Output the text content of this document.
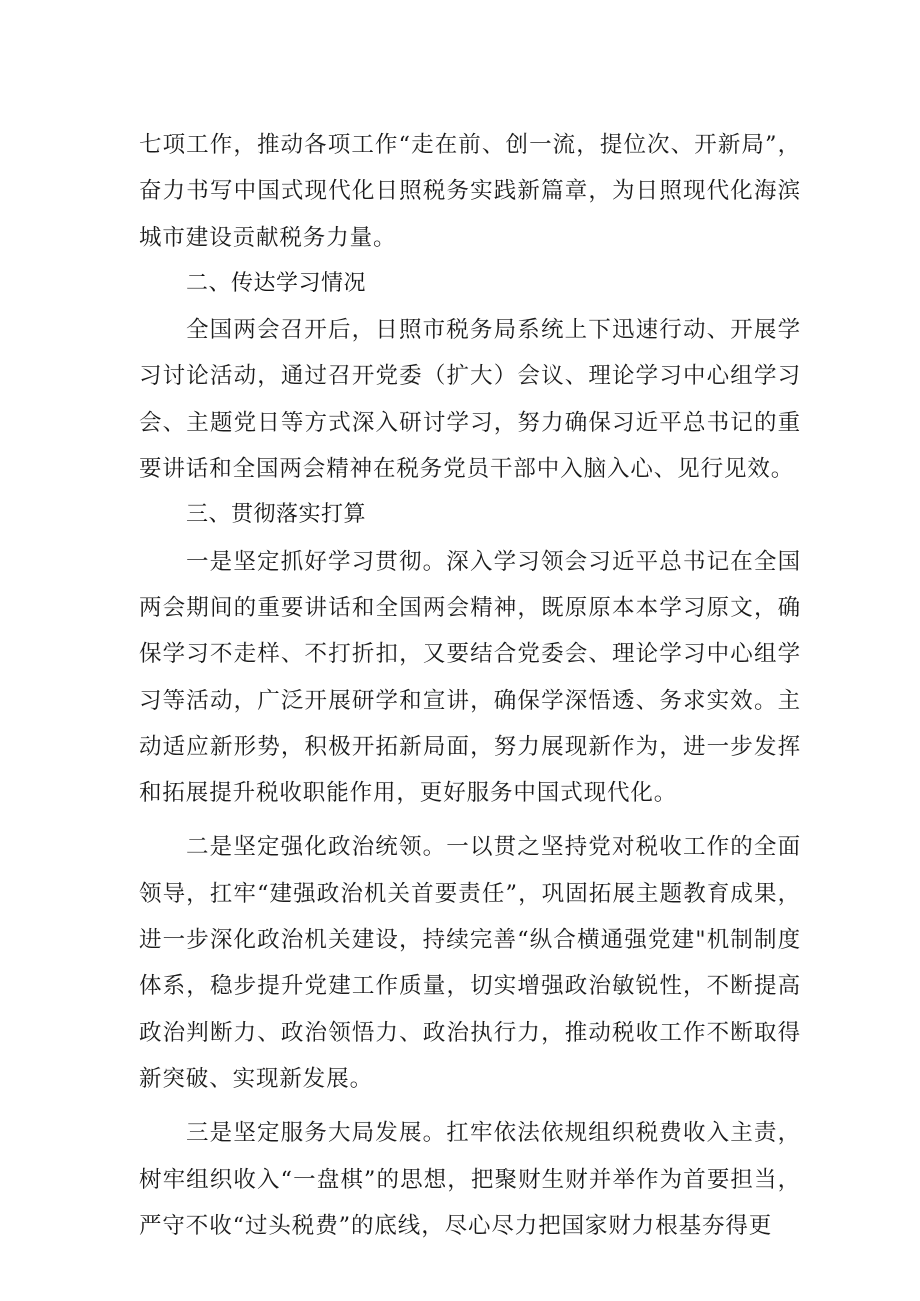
七项工作，推动各项工作“走在前、创一流，提位次、开新局”，奋力书写中国式现代化日照税务实践新篇章，为日照现代化海滨城市建设贡献税务力量。

二、传达学习情况

全国两会召开后，日照市税务局系统上下迅速行动、开展学习讨论活动，通过召开党委（扩大）会议、理论学习中心组学习会、主题党日等方式深入研讨学习，努力确保习近平总书记的重要讲话和全国两会精神在税务党员干部中入脑入心、见行见效。

三、贯彻落实打算

一是坚定抓好学习贯彻。深入学习领会习近平总书记在全国两会期间的重要讲话和全国两会精神，既原原本本学习原文，确保学习不走样、不打折扣，又要结合党委会、理论学习中心组学习等活动，广泛开展研学和宣讲，确保学深悟透、务求实效。主动适应新形势，积极开拓新局面，努力展现新作为，进一步发挥和拓展提升税收职能作用，更好服务中国式现代化。

二是坚定强化政治统领。一以贯之坚持党对税收工作的全面领导，扛牢“建强政治机关首要责任”，巩固拓展主题教育成果，进一步深化政治机关建设，持续完善“纵合横通强党建"机制制度体系，稳步提升党建工作质量，切实增强政治敏锐性，不断提高政治判断力、政治领悟力、政治执行力，推动税收工作不断取得新突破、实现新发展。

三是坚定服务大局发展。扛牢依法依规组织税费收入主责，树牢组织收入“一盘棋”的思想，把聚财生财并举作为首要担当，严守不收“过头税费”的底线，尽心尽力把国家财力根基夯得更
